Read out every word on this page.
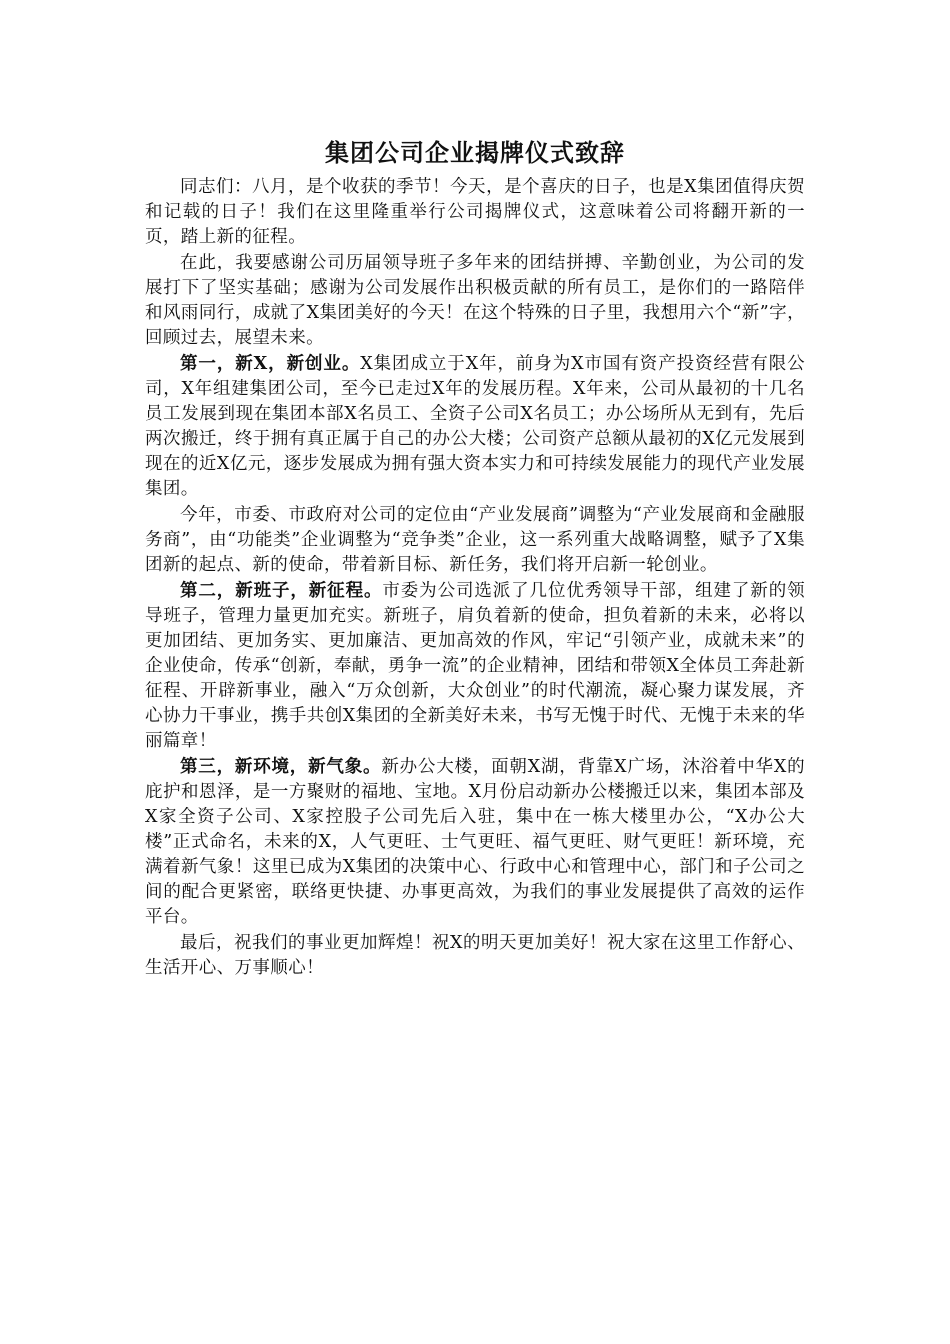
集团公司企业揭牌仪式致辞

同志们：八月，是个收获的季节！今天，是个喜庆的日子，也是X集团值得庆贺和记载的日子！我们在这里隆重举行公司揭牌仪式，这意味着公司将翻开新的一页，踏上新的征程。

在此，我要感谢公司历届领导班子多年来的团结拼搏、辛勤创业，为公司的发展打下了坚实基础；感谢为公司发展作出积极贡献的所有员工，是你们的一路陪伴和风雨同行，成就了X集团美好的今天！在这个特殊的日子里，我想用六个“新”字，回顾过去，展望未来。

第一，新X，新创业。X集团成立于X年，前身为X市国有资产投资经营有限公司，X年组建集团公司，至今已走过X年的发展历程。X年来，公司从最初的十几名员工发展到现在集团本部X名员工、全资子公司X名员工；办公场所从无到有，先后两次搬迁，终于拥有真正属于自己的办公大楼；公司资产总额从最初的X亿元发展到现在的近X亿元，逐步发展成为拥有强大资本实力和可持续发展能力的现代产业发展集团。

今年，市委、市政府对公司的定位由“产业发展商”调整为“产业发展商和金融服务商”，由“功能类”企业调整为“竞争类”企业，这一系列重大战略调整，赋予了X集团新的起点、新的使命，带着新目标、新任务，我们将开启新一轮创业。

第二，新班子，新征程。市委为公司选派了几位优秀领导干部，组建了新的领导班子，管理力量更加充实。新班子，肩负着新的使命，担负着新的未来，必将以更加团结、更加务实、更加廉洁、更加高效的作风，牢记“引领产业，成就未来”的企业使命，传承“创新，奉献，勇争一流”的企业精神，团结和带领X全体员工奔赴新征程、开辟新事业，融入“万众创新，大众创业”的时代潮流，凝心聚力谋发展，齐心协力干事业，携手共创X集团的全新美好未来，书写无愧于时代、无愧于未来的华丽篇章！

第三，新环境，新气象。新办公大楼，面朝X湖，背靠X广场，沐浴着中华X的庇护和恩泽，是一方聚财的福地、宝地。X月份启动新办公楼搬迁以来，集团本部及X家全资子公司、X家控股子公司先后入驻，集中在一栋大楼里办公，“X办公大楼”正式命名，未来的X，人气更旺、士气更旺、福气更旺、财气更旺！新环境，充满着新气象！这里已成为X集团的决策中心、行政中心和管理中心，部门和子公司之间的配合更紧密，联络更快捷、办事更高效，为我们的事业发展提供了高效的运作平台。

最后，祝我们的事业更加辉煌！祝X的明天更加美好！祝大家在这里工作舒心、生活开心、万事顺心！
